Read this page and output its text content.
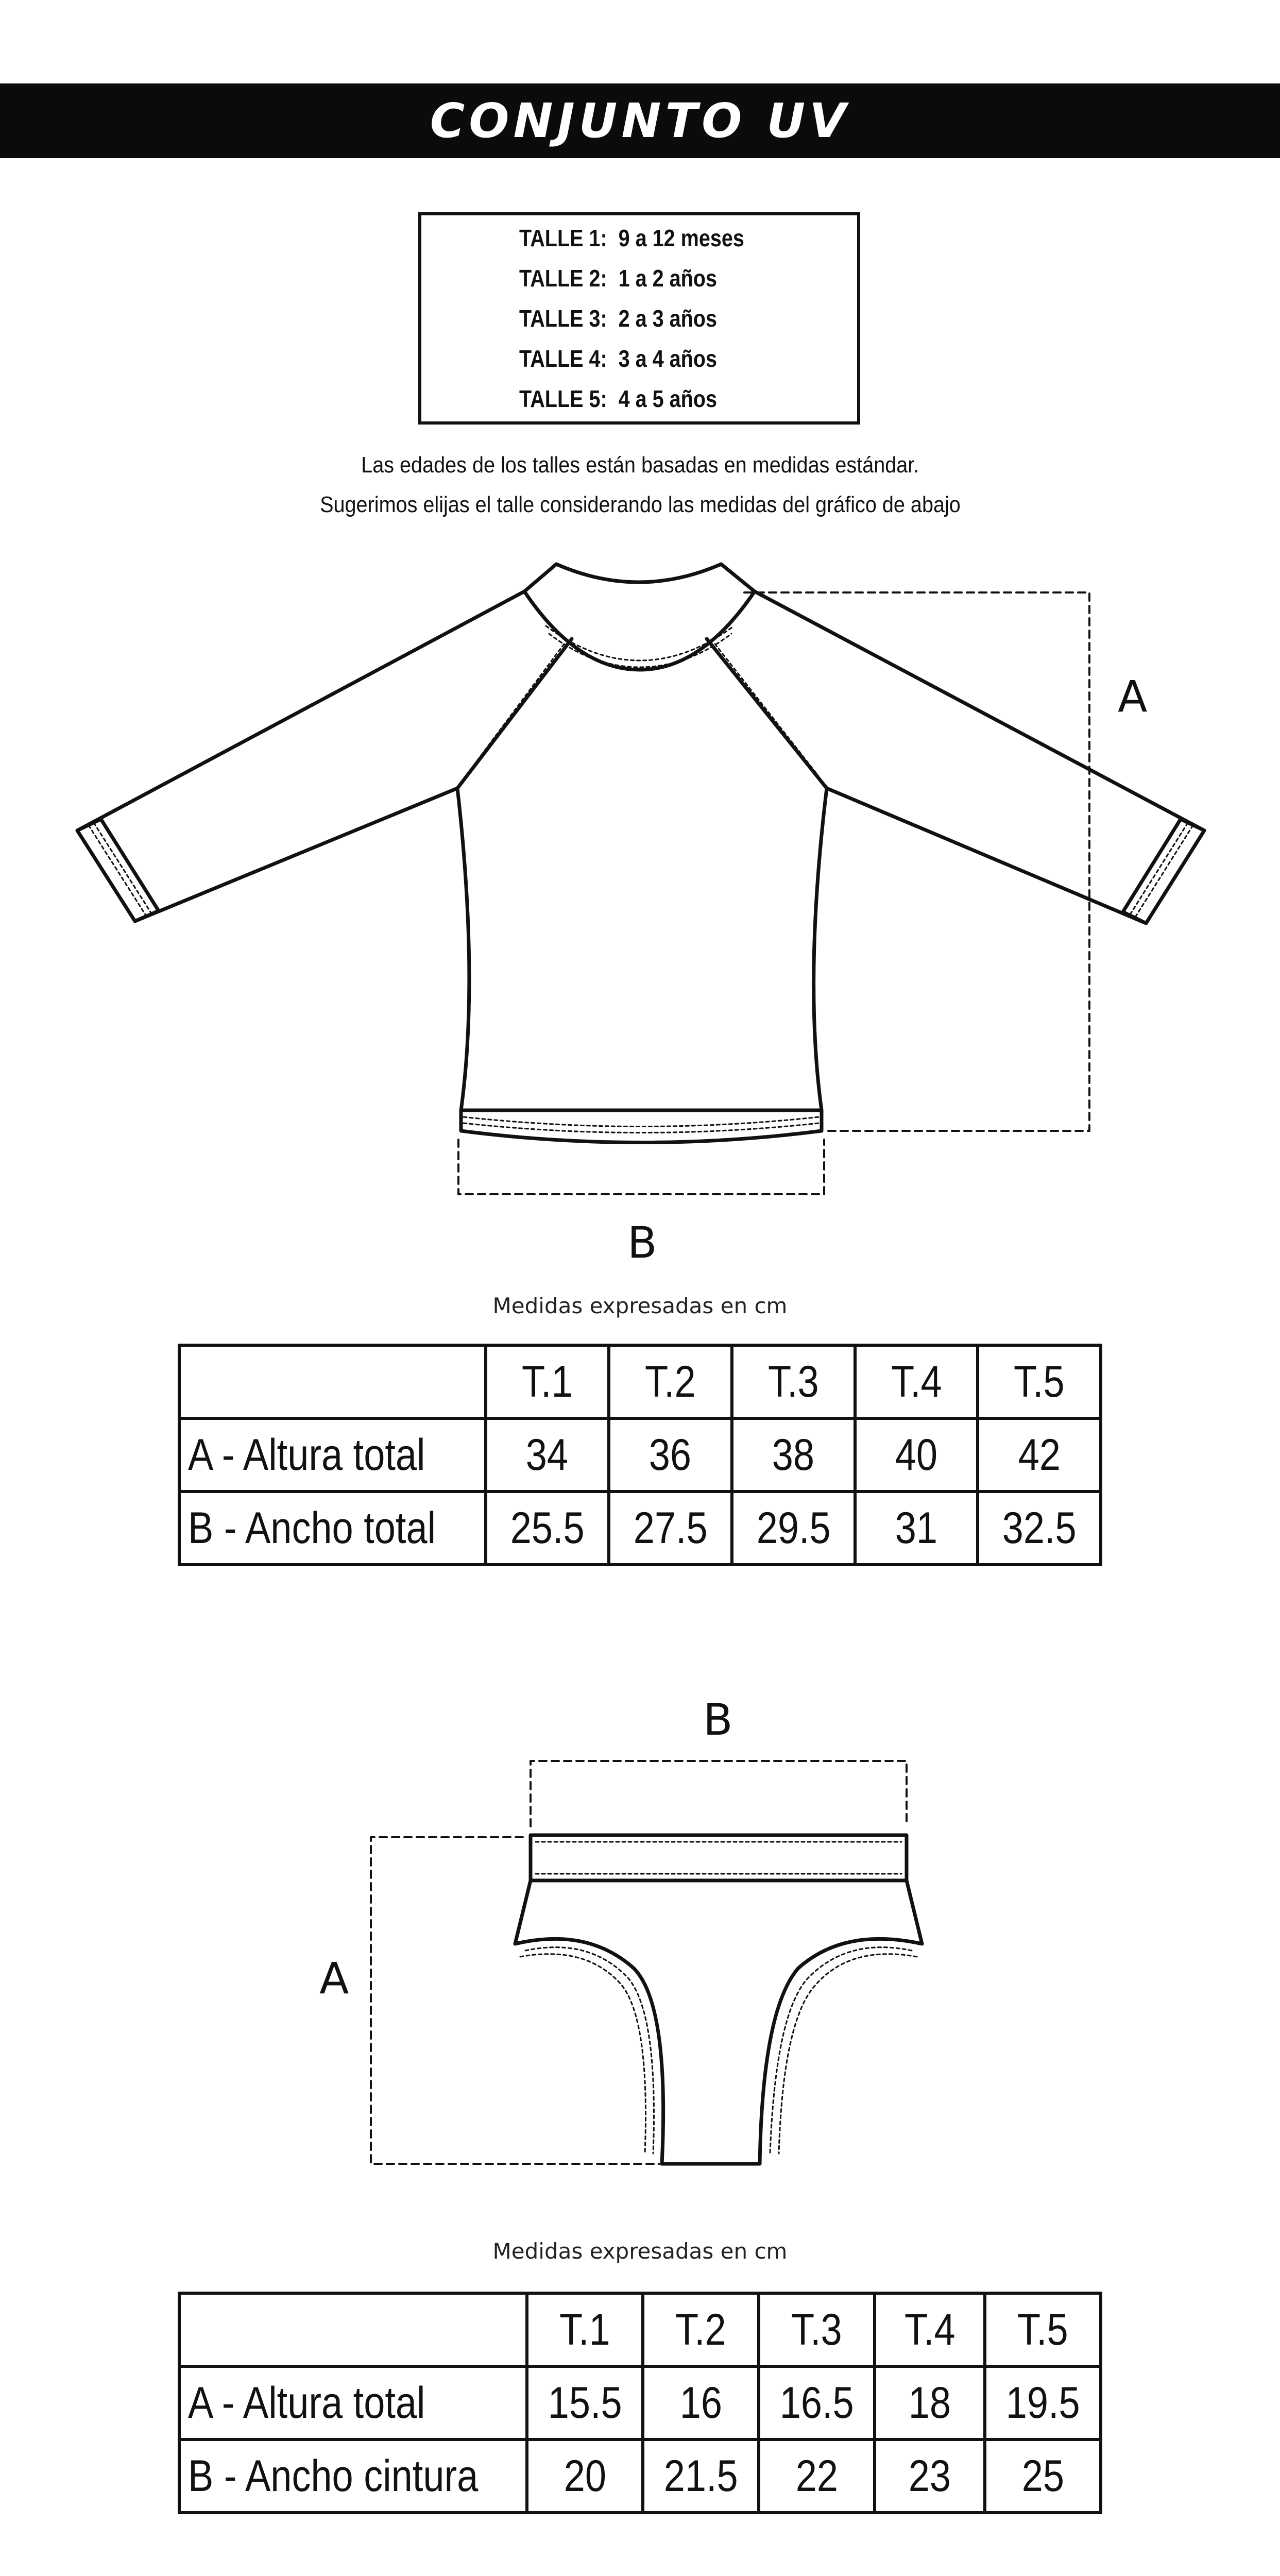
CONJUNTO UV
TALLE 1: 9 a 12 meses
TALLE 2: 1 a 2 años
TALLE 3: 2 a 3 años
TALLE 4: 3 a 4 años
TALLE 5: 4 a 5 años
Las edades de los talles están basadas en medidas estándar.
Sugerimos elijas el talle considerando las medidas del gráfico de abajo
A
B
B
A
Medidas expresadas en cm
	T.1	T.2	T.3	T.4	T.5
A - Altura total	34	36	38	40	42
B - Ancho total	25.5	27.5	29.5	31	32.5
Medidas expresadas en cm
	T.1	T.2	T.3	T.4	T.5
A - Altura total	15.5	16	16.5	18	19.5
B - Ancho cintura	20	21.5	22	23	25
